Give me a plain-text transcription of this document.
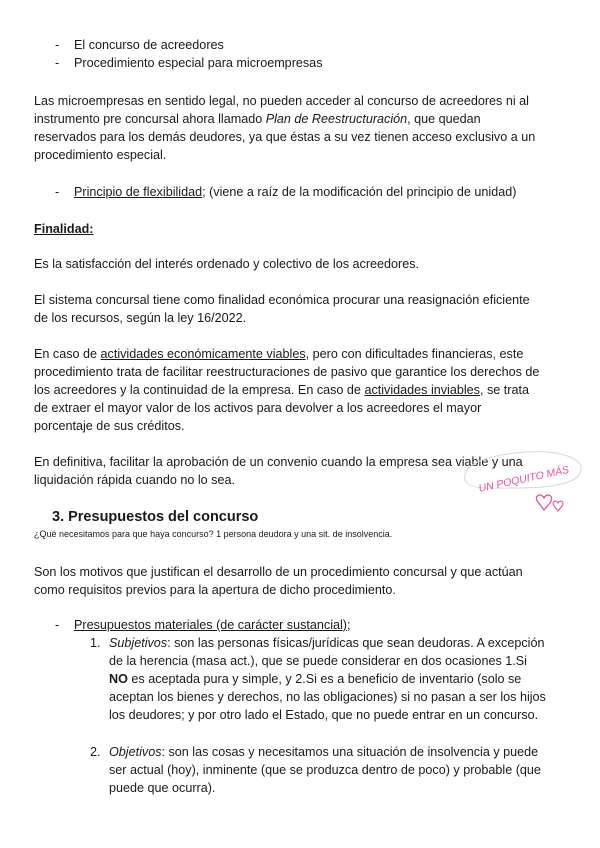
- El concurso de acreedores
- Procedimiento especial para microempresas
Las microempresas en sentido legal, no pueden acceder al concurso de acreedores ni al
instrumento pre concursal ahora llamado Plan de Reestructuración, que quedan
reservados para los demás deudores, ya que éstas a su vez tienen acceso exclusivo a un
procedimiento especial.
- Principio de flexibilidad; (viene a raíz de la modificación del principio de unidad)
Finalidad:
Es la satisfacción del interés ordenado y colectivo de los acreedores.
El sistema concursal tiene como finalidad económica procurar una reasignación eficiente
de los recursos, según la ley 16/2022.
En caso de actividades económicamente viables, pero con dificultades financieras, este
procedimiento trata de facilitar reestructuraciones de pasivo que garantice los derechos de
los acreedores y la continuidad de la empresa. En caso de actividades inviables, se trata
de extraer el mayor valor de los activos para devolver a los acreedores el mayor
porcentaje de sus créditos.
En definitiva, facilitar la aprobación de un convenio cuando la empresa sea viable y una
liquidación rápida cuando no lo sea.	UN POQUITO MÁS
3. Presupuestos del concurso
¿Qué necesitamos para que haya concurso? 1 persona deudora y una sit. de insolvencia.
Son los motivos que justifican el desarrollo de un procedimiento concursal y que actúan
como requisitos previos para la apertura de dicho procedimiento.
- Presupuestos materiales (de carácter sustancial);
1. Subjetivos: son las personas físicas/jurídicas que sean deudoras. A excepción
de la herencia (masa act.), que se puede considerar en dos ocasiones 1.Si
NO es aceptada pura y simple, y 2.Si es a beneficio de inventario (solo se
aceptan los bienes y derechos, no las obligaciones) si no pasan a ser los hijos
los deudores; y por otro lado el Estado, que no puede entrar en un concurso.
2. Objetivos: son las cosas y necesitamos una situación de insolvencia y puede
ser actual (hoy), inminente (que se produzca dentro de poco) y probable (que
puede que ocurra).
